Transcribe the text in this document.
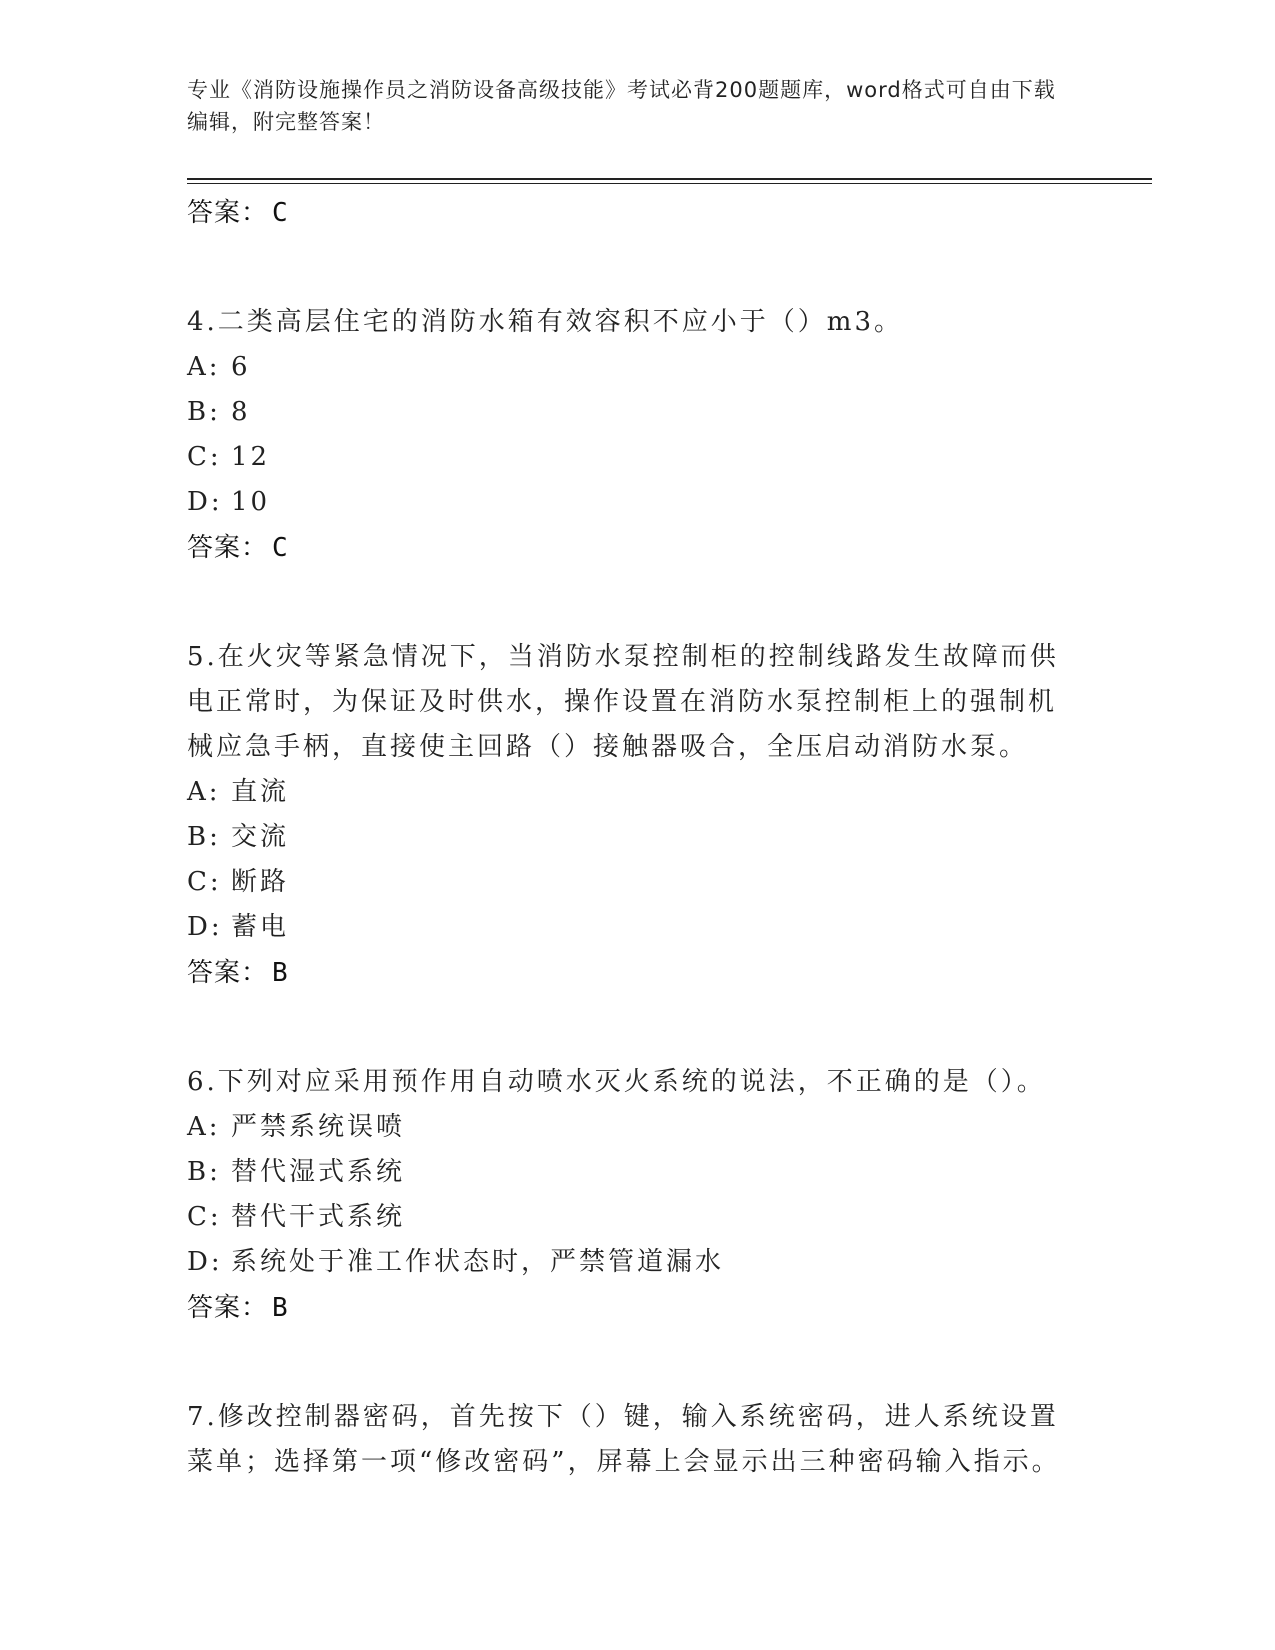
专业《消防设施操作员之消防设备高级技能》考试必背200题题库，word格式可自由下载编辑，附完整答案！
答案： C
4.二类高层住宅的消防水箱有效容积不应小于（）m3。
A: 6
B: 8
C: 12
D: 10
答案： C
5.在火灾等紧急情况下，当消防水泵控制柜的控制线路发生故障而供电正常时，为保证及时供水，操作设置在消防水泵控制柜上的强制机械应急手柄，直接使主回路（）接触器吸合，全压启动消防水泵。
A: 直流
B: 交流
C: 断路
D: 蓄电
答案： B
6.下列对应采用预作用自动喷水灭火系统的说法，不正确的是（）。
A: 严禁系统误喷
B: 替代湿式系统
C: 替代干式系统
D: 系统处于准工作状态时，严禁管道漏水
答案： B
7.修改控制器密码，首先按下（）键，输入系统密码，进人系统设置菜单；选择第一项“修改密码”，屏幕上会显示出三种密码输入指示。
